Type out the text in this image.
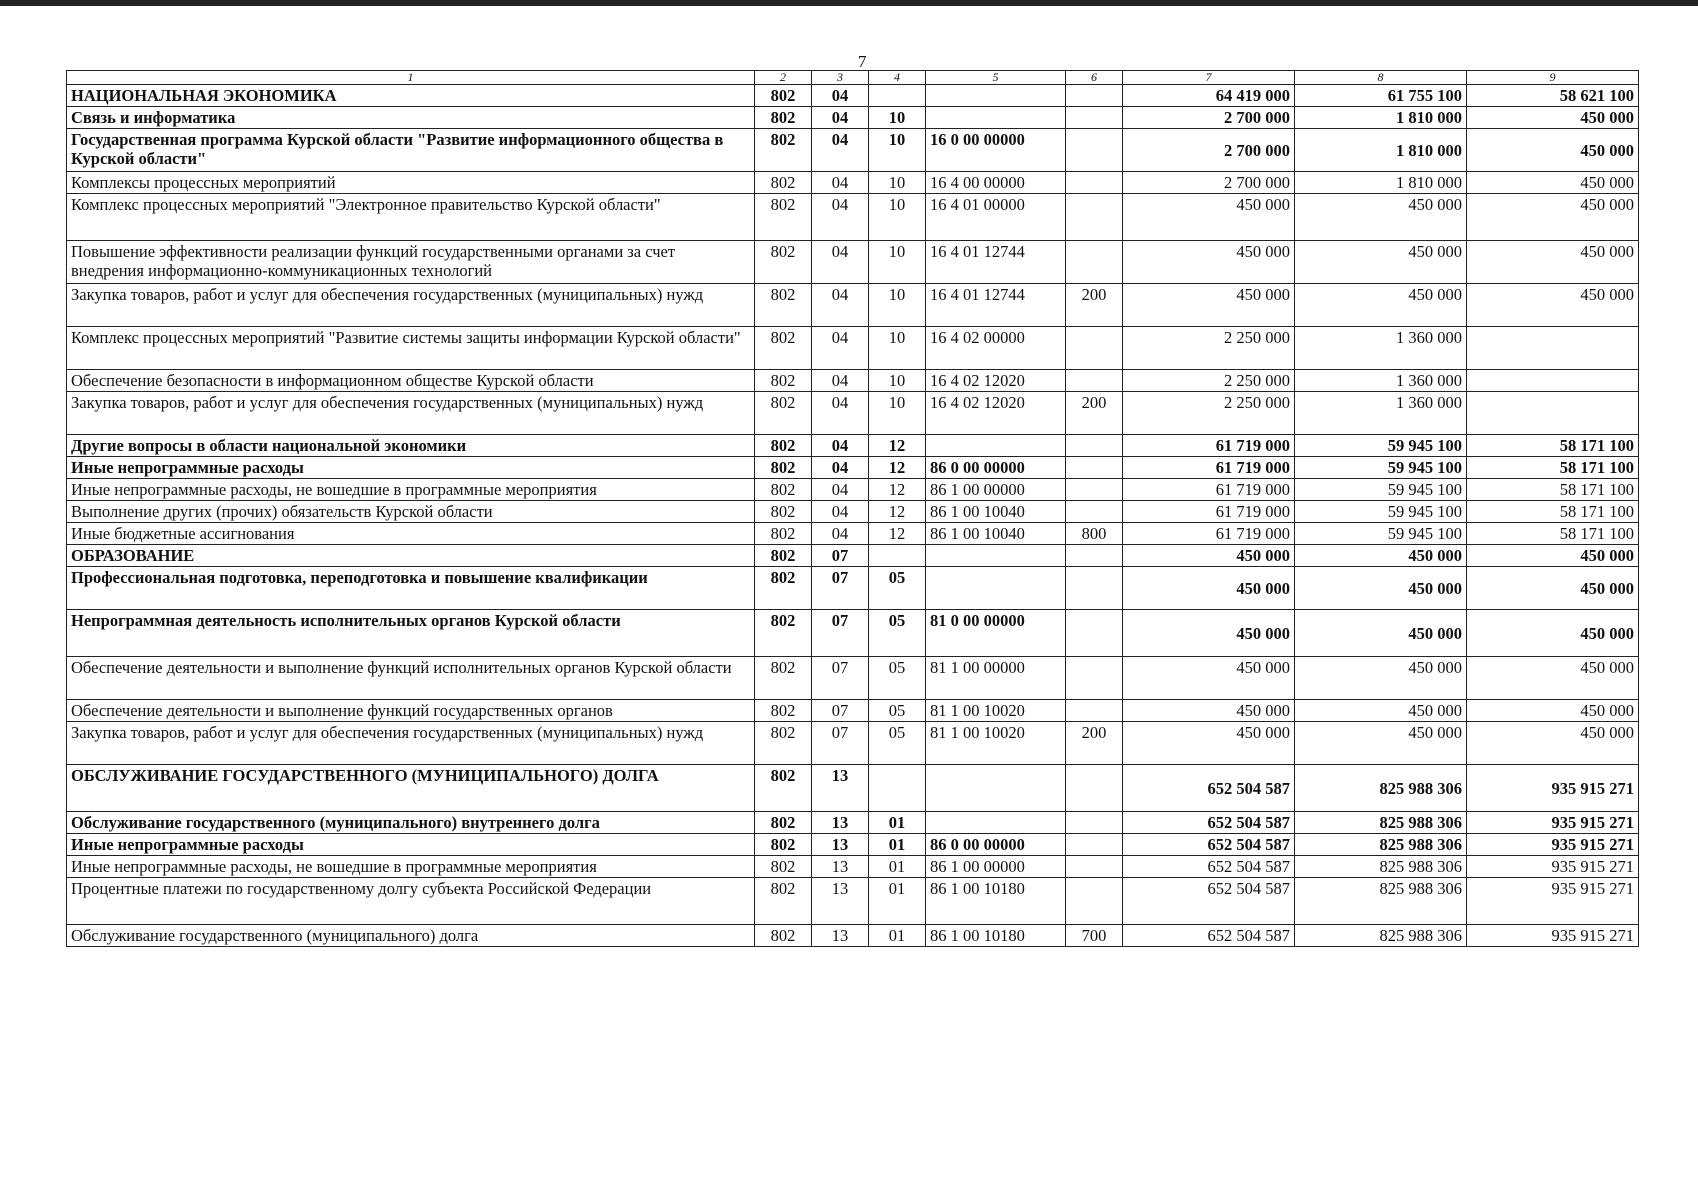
7
1	2	3	4	5	6	7	8	9
НАЦИОНАЛЬНАЯ ЭКОНОМИКА	802	04				64 419 000	61 755 100	58 621 100
Связь и информатика	802	04	10			2 700 000	1 810 000	450 000
Государственная программа Курской области "Развитие информационного общества в Курской области"	802	04	10	16 0 00 00000		2 700 000	1 810 000	450 000
Комплексы процессных мероприятий	802	04	10	16 4 00 00000		2 700 000	1 810 000	450 000
Комплекс процессных мероприятий "Электронное правительство Курской области"	802	04	10	16 4 01 00000		450 000	450 000	450 000
Повышение эффективности реализации функций государственными органами за счет внедрения информационно-коммуникационных технологий	802	04	10	16 4 01 12744		450 000	450 000	450 000
Закупка товаров, работ и услуг для обеспечения государственных (муниципальных) нужд	802	04	10	16 4 01 12744	200	450 000	450 000	450 000
Комплекс процессных мероприятий "Развитие системы защиты информации Курской области"	802	04	10	16 4 02 00000		2 250 000	1 360 000	
Обеспечение безопасности в информационном обществе Курской области	802	04	10	16 4 02 12020		2 250 000	1 360 000	
Закупка товаров, работ и услуг для обеспечения государственных (муниципальных) нужд	802	04	10	16 4 02 12020	200	2 250 000	1 360 000	
Другие вопросы в области национальной экономики	802	04	12			61 719 000	59 945 100	58 171 100
Иные непрограммные расходы	802	04	12	86 0 00 00000		61 719 000	59 945 100	58 171 100
Иные непрограммные расходы, не вошедшие в программные мероприятия	802	04	12	86 1 00 00000		61 719 000	59 945 100	58 171 100
Выполнение других (прочих) обязательств Курской области	802	04	12	86 1 00 10040		61 719 000	59 945 100	58 171 100
Иные бюджетные ассигнования	802	04	12	86 1 00 10040	800	61 719 000	59 945 100	58 171 100
ОБРАЗОВАНИЕ	802	07				450 000	450 000	450 000
Профессиональная подготовка, переподготовка и повышение квалификации	802	07	05			450 000	450 000	450 000
Непрограммная деятельность исполнительных органов Курской области	802	07	05	81 0 00 00000		450 000	450 000	450 000
Обеспечение деятельности и выполнение функций исполнительных органов Курской области	802	07	05	81 1 00 00000		450 000	450 000	450 000
Обеспечение деятельности и выполнение функций государственных органов	802	07	05	81 1 00 10020		450 000	450 000	450 000
Закупка товаров, работ и услуг для обеспечения государственных (муниципальных) нужд	802	07	05	81 1 00 10020	200	450 000	450 000	450 000
ОБСЛУЖИВАНИЕ ГОСУДАРСТВЕННОГО (МУНИЦИПАЛЬНОГО) ДОЛГА	802	13				652 504 587	825 988 306	935 915 271
Обслуживание государственного (муниципального) внутреннего долга	802	13	01			652 504 587	825 988 306	935 915 271
Иные непрограммные расходы	802	13	01	86 0 00 00000		652 504 587	825 988 306	935 915 271
Иные непрограммные расходы, не вошедшие в программные мероприятия	802	13	01	86 1 00 00000		652 504 587	825 988 306	935 915 271
Процентные платежи по государственному долгу субъекта Российской Федерации	802	13	01	86 1 00 10180		652 504 587	825 988 306	935 915 271
Обслуживание государственного (муниципального) долга	802	13	01	86 1 00 10180	700	652 504 587	825 988 306	935 915 271
